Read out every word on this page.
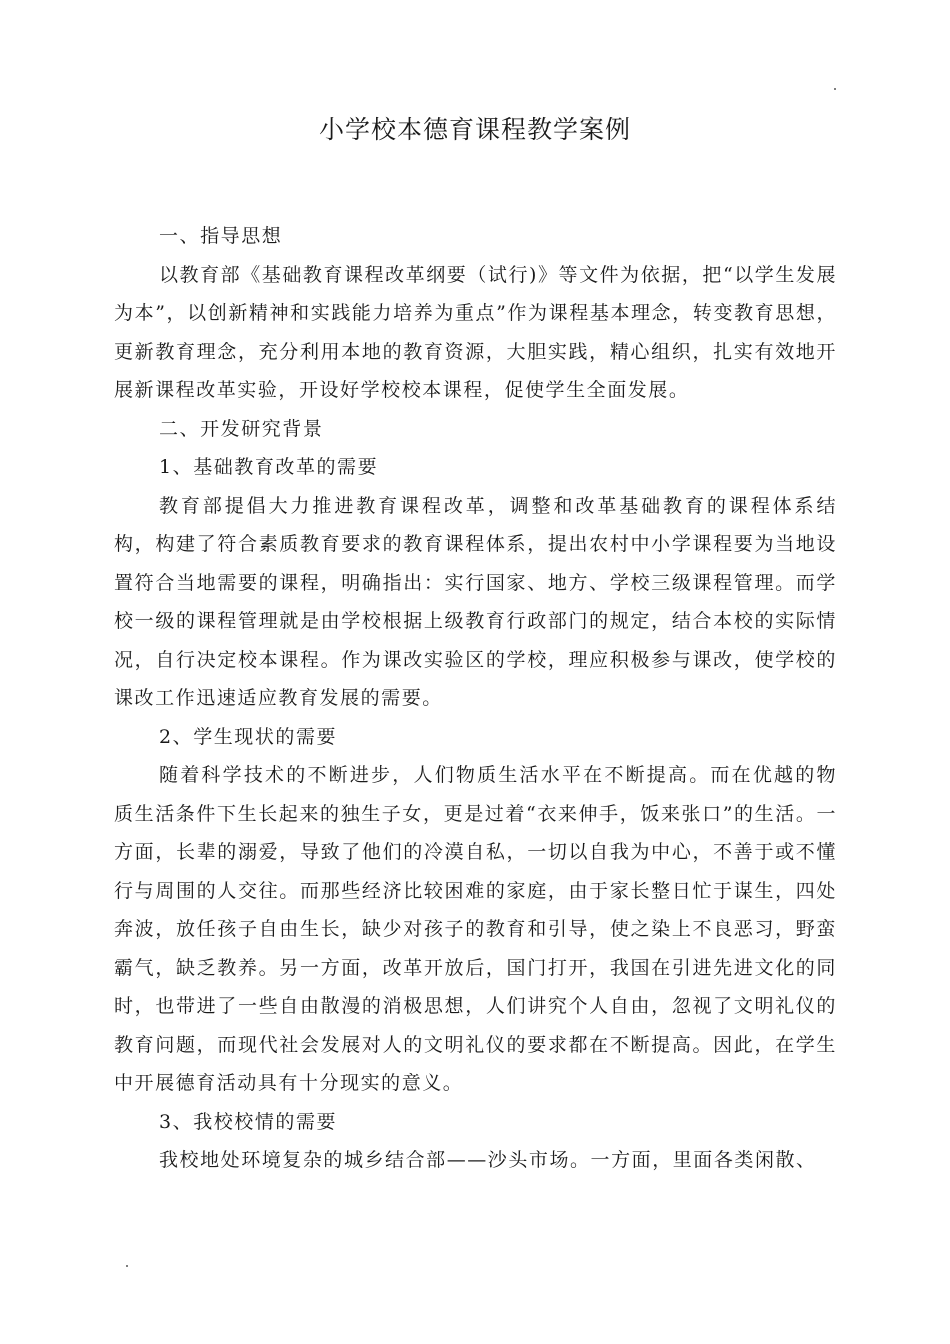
小学校本德育课程教学案例

一、指导思想

以教育部《基础教育课程改革纲要（试行)》等文件为依据，把“以学生发展为本”，以创新精神和实践能力培养为重点”作为课程基本理念，转变教育思想，更新教育理念，充分利用本地的教育资源，大胆实践，精心组织，扎实有效地开展新课程改革实验，开设好学校校本课程，促使学生全面发展。

二、开发研究背景

1、基础教育改革的需要

教育部提倡大力推进教育课程改革，调整和改革基础教育的课程体系结构，构建了符合素质教育要求的教育课程体系，提出农村中小学课程要为当地设置符合当地需要的课程，明确指出：实行国家、地方、学校三级课程管理。而学校一级的课程管理就是由学校根据上级教育行政部门的规定，结合本校的实际情况，自行决定校本课程。作为课改实验区的学校，理应积极参与课改，使学校的课改工作迅速适应教育发展的需要。

2、学生现状的需要

随着科学技术的不断进步，人们物质生活水平在不断提高。而在优越的物质生活条件下生长起来的独生子女，更是过着“衣来伸手，饭来张口”的生活。一方面，长辈的溺爱，导致了他们的冷漠自私，一切以自我为中心，不善于或不懂行与周围的人交往。而那些经济比较困难的家庭，由于家长整日忙于谋生，四处奔波，放任孩子自由生长，缺少对孩子的教育和引导，使之染上不良恶习，野蛮霸气，缺乏教养。另一方面，改革开放后，国门打开，我国在引进先进文化的同时，也带进了一些自由散漫的消极思想，人们讲究个人自由，忽视了文明礼仪的教育问题，而现代社会发展对人的文明礼仪的要求都在不断提高。因此，在学生中开展德育活动具有十分现实的意义。

3、我校校情的需要

我校地处环境复杂的城乡结合部——沙头市场。一方面，里面各类闲散、
